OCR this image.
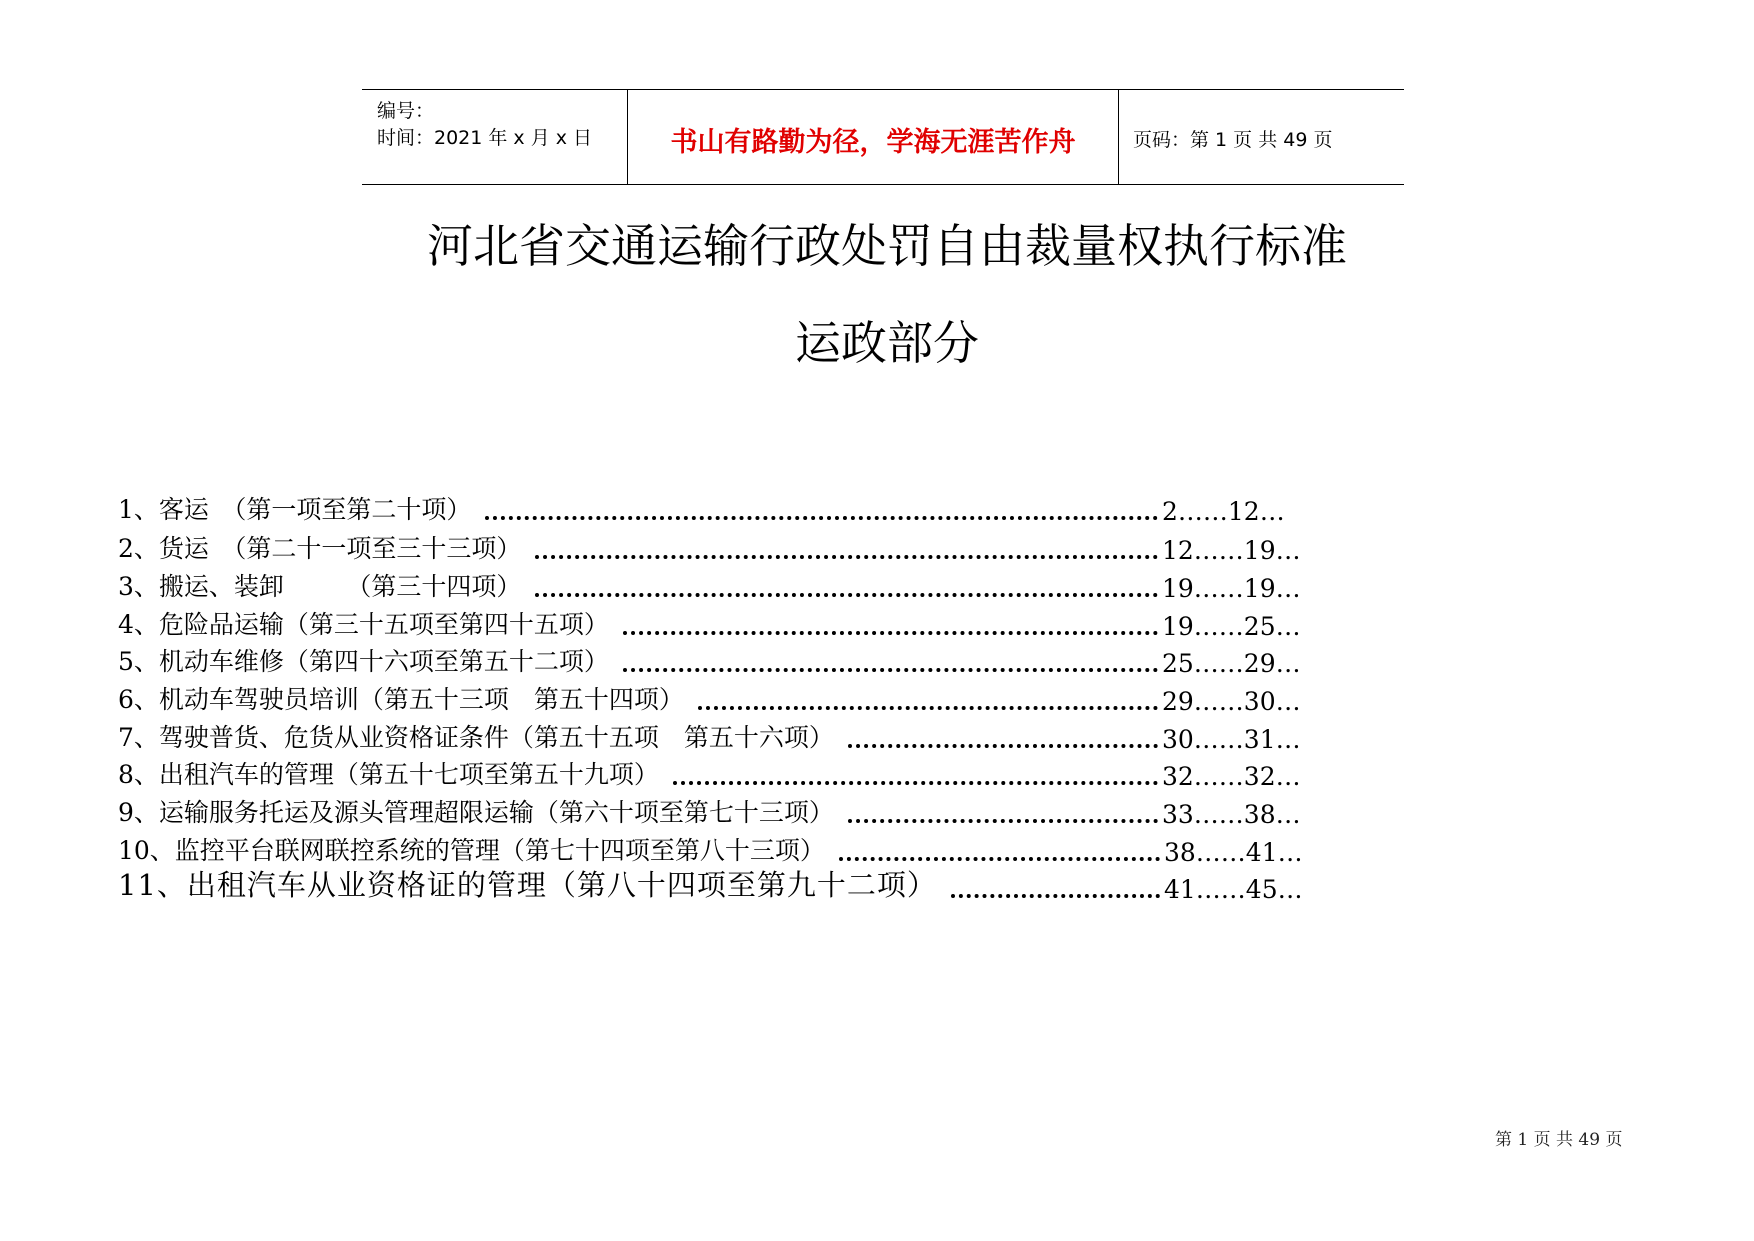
编号：
时间：2021 年 x 月 x 日	书山有路勤为径，学海无涯苦作舟	页码：第 1 页 共 49 页
河北省交通运输行政处罚自由裁量权执行标准
运政部分
1、客运　（第一项至第二十项）	2……12…
2、货运　（第二十一项至三十三项）	12……19…
3、搬运、装卸　　　（第三十四项）	19……19…
4、危险品运输（第三十五项至第四十五项）	19……25…
5、机动车维修（第四十六项至第五十二项）	25……29…
6、机动车驾驶员培训（第五十三项　第五十四项）	29……30…
7、驾驶普货、危货从业资格证条件（第五十五项　第五十六项）	30……31…
8、出租汽车的管理（第五十七项至第五十九项）	32……32…
9、运输服务托运及源头管理超限运输（第六十项至第七十三项）	33……38…
10、监控平台联网联控系统的管理（第七十四项至第八十三项）	38……41…
11、出租汽车从业资格证的管理（第八十四项至第九十二项）	41……45…
第 1 页 共 49 页
